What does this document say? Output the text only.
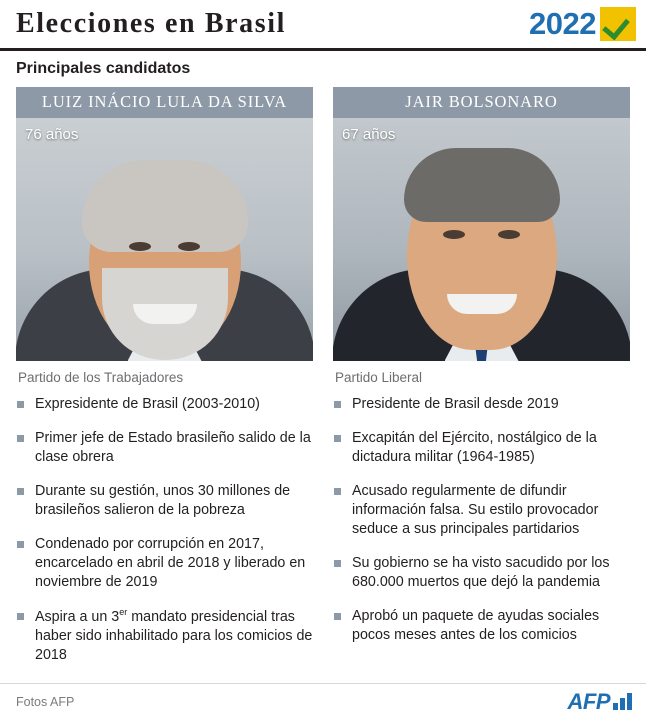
Elecciones en Brasil	2022
Principales candidatos
LUIZ INÁCIO LULA DA SILVA
76 años
Partido de los Trabajadores
Expresidente de Brasil (2003-2010)
Primer jefe de Estado brasileño salido de la clase obrera
Durante su gestión, unos 30 millones de brasileños salieron de la pobreza
Condenado por corrupción en 2017, encarcelado en abril de 2018 y liberado en noviembre de 2019
Aspira a un 3er mandato presidencial tras haber sido inhabilitado para los comicios de 2018
JAIR BOLSONARO
67 años
Partido Liberal
Presidente de Brasil desde 2019
Excapitán del Ejército, nostálgico de la dictadura militar (1964-1985)
Acusado regularmente de difundir información falsa. Su estilo provocador seduce a sus principales partidarios
Su gobierno se ha visto sacudido por los 680.000 muertos que dejó la pandemia
Aprobó un paquete de ayudas sociales pocos meses antes de los comicios
Fotos AFP	AFP
